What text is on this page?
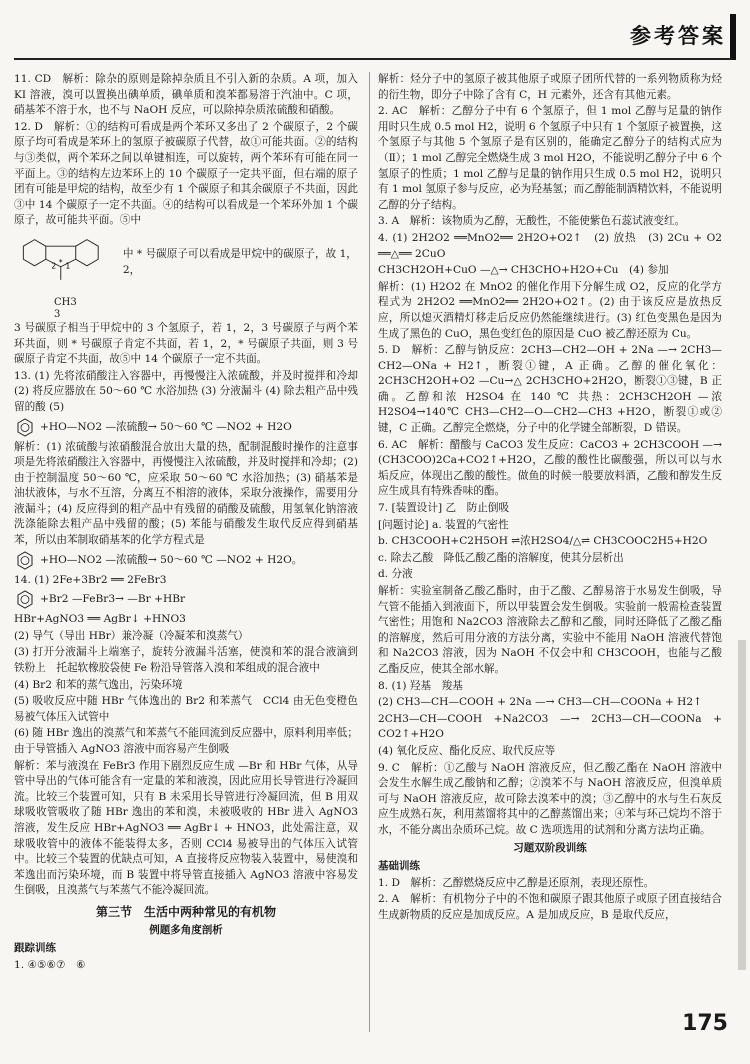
参考答案

11. CD　解析：除杂的原则是除掉杂质且不引入新的杂质。A 项，加入 KI 溶液，溴可以置换出碘单质，碘单质和溴苯都易溶于汽油中。C 项，硝基苯不溶于水，也不与 NaOH 反应，可以除掉杂质浓硫酸和硝酸。

12. D　解析：①的结构可看成是两个苯环又多出了 2 个碳原子，2 个碳原子均可看成是苯环上的氢原子被碳原子代替，故①可能共面。②的结构与③类似，两个苯环之间以单键相连，可以旋转，两个苯环有可能在同一平面上。③的结构左边苯环上的 10 个碳原子一定共平面，但右端的原子团有可能是甲烷的结构，故至少有 1 个碳原子和其余碳原子不共面，因此③中 14 个碳原子一定不共面。④的结构可以看成是一个苯环外加 1 个碳原子，故可能共平面。⑤中

2 * 1
中 * 号碳原子可以看成是甲烷中的碳原子，故 1，2，
CH3
3

3 号碳原子相当于甲烷中的 3 个氢原子，若 1，2，3 号碳原子与两个苯环共面，则 * 号碳原子肯定不共面，若 1，2，* 号碳原子共面，则 3 号碳原子肯定不共面，故⑤中 14 个碳原子一定不共面。

13. (1) 先将浓硝酸注入容器中，再慢慢注入浓硫酸，并及时搅拌和冷却 (2) 将反应器放在 50～60 ℃ 水浴加热 (3) 分液漏斗 (4) 除去粗产品中残留的酸 (5)

+HO—NO2 —浓硫酸→ 50～60 ℃ —NO2 + H2O

解析：(1) 浓硫酸与浓硝酸混合放出大量的热，配制混酸时操作的注意事项是先将浓硝酸注入容器中，再慢慢注入浓硫酸，并及时搅拌和冷却；(2) 由于控制温度 50～60 ℃，应采取 50～60 ℃ 水浴加热；(3) 硝基苯是油状液体，与水不互溶，分离互不相溶的液体，采取分液操作，需要用分液漏斗；(4) 反应得到的粗产品中有残留的硝酸及硫酸，用氢氧化钠溶液洗涤能除去粗产品中残留的酸；(5) 苯能与硝酸发生取代反应得到硝基苯，所以由苯制取硝基苯的化学方程式是

+HO—NO2 —浓硫酸→ 50～60 ℃ —NO2 + H2O。

14. (1) 2Fe+3Br2 ══ 2FeBr3

+Br2 —FeBr3→ —Br +HBr

HBr+AgNO3 ══ AgBr↓ +HNO3

(2) 导气（导出 HBr）兼冷凝（冷凝苯和溴蒸气）

(3) 打开分液漏斗上端塞子，旋转分液漏斗活塞，使溴和苯的混合液滴到铁粉上　托起软橡胶袋使 Fe 粉沿导管落入溴和苯组成的混合液中

(4) Br2 和苯的蒸气逸出，污染环境

(5) 吸收反应中随 HBr 气体逸出的 Br2 和苯蒸气　CCl4 由无色变橙色　易被气体压入试管中

(6) 随 HBr 逸出的溴蒸气和苯蒸气不能回流到反应器中，原料利用率低；由于导管插入 AgNO3 溶液中而容易产生倒吸

解析：苯与液溴在 FeBr3 作用下剧烈反应生成 —Br 和 HBr 气体，从导管中导出的气体可能含有一定量的苯和液溴，因此应用长导管进行冷凝回流。比较三个装置可知，只有 B 未采用长导管进行冷凝回流，但 B 用双球吸收管吸收了随 HBr 逸出的苯和溴，未被吸收的 HBr 进入 AgNO3 溶液，发生反应 HBr+AgNO3 ══ AgBr↓ + HNO3，此处需注意，双球吸收管中的液体不能装得太多，否则 CCl4 易被导出的气体压入试管中。比较三个装置的优缺点可知，A 直接将反应物装入装置中，易使溴和苯逸出而污染环境，而 B 装置中将导管直接插入 AgNO3 溶液中容易发生倒吸，且溴蒸气与苯蒸气不能冷凝回流。

第三节　生活中两种常见的有机物
例题多角度剖析
跟踪训练

1. ④⑤⑥⑦　⑥

解析：烃分子中的氢原子被其他原子或原子团所代替的一系列物质称为烃的衍生物，即分子中除了含有 C，H 元素外，还含有其他元素。

2. AC　解析：乙醇分子中有 6 个氢原子，但 1 mol 乙醇与足量的钠作用时只生成 0.5 mol H2，说明 6 个氢原子中只有 1 个氢原子被置换，这个氢原子与其他 5 个氢原子是有区别的，能确定乙醇分子的结构式应为（Ⅱ）；1 mol 乙醇完全燃烧生成 3 mol H2O，不能说明乙醇分子中 6 个氢原子的性质；1 mol 乙醇与足量的钠作用只生成 0.5 mol H2，说明只有 1 mol 氢原子参与反应，必为羟基氢；而乙醇能制酒精饮料，不能说明乙醇的分子结构。

3. A　解析：该物质为乙醇，无酸性，不能使紫色石蕊试液变红。

4. (1) 2H2O2 ══MnO2══ 2H2O+O2↑　(2) 放热　(3) 2Cu + O2 ══△══ 2CuO

CH3CH2OH+CuO —△→ CH3CHO+H2O+Cu　(4) 参加

解析：(1) H2O2 在 MnO2 的催化作用下分解生成 O2，反应的化学方程式为 2H2O2 ══MnO2══ 2H2O+O2↑。(2) 由于该反应是放热反应，所以熄灭酒精灯移走后反应仍然能继续进行。(3) 红色变黑色是因为生成了黑色的 CuO，黑色变红色的原因是 CuO 被乙醇还原为 Cu。

5. D　解析：乙醇与钠反应：2CH3—CH2—OH + 2Na —→ 2CH3—CH2—ONa + H2↑，断裂①键，A 正确。乙醇的催化氧化：2CH3CH2OH+O2 —Cu→△ 2CH3CHO+2H2O，断裂①③键，B 正确。乙醇和浓 H2SO4 在 140 ℃ 共热：2CH3CH2OH —浓H2SO4→140℃ CH3—CH2—O—CH2—CH3 +H2O，断裂①或②键，C 正确。乙醇完全燃烧，分子中的化学键全部断裂，D 错误。

6. AC　解析：醋酸与 CaCO3 发生反应：CaCO3 + 2CH3COOH —→ (CH3COO)2Ca+CO2↑+H2O，乙酸的酸性比碳酸强，所以可以与水垢反应，体现出乙酸的酸性。做鱼的时候一般要放料酒，乙酸和醇发生反应生成具有特殊香味的酯。

7. [装置设计] 乙　防止倒吸

[问题讨论] a. 装置的气密性

b. CH3COOH+C2H5OH ⇌浓H2SO4/△⇌ CH3COOC2H5+H2O

c. 除去乙酸　降低乙酸乙酯的溶解度，使其分层析出

d. 分液

解析：实验室制备乙酸乙酯时，由于乙酸、乙醇易溶于水易发生倒吸，导气管不能插入到液面下，所以甲装置会发生倒吸。实验前一般需检查装置气密性；用饱和 Na2CO3 溶液除去乙醇和乙酸，同时还降低了乙酸乙酯的溶解度，然后可用分液的方法分离，实验中不能用 NaOH 溶液代替饱和 Na2CO3 溶液，因为 NaOH 不仅会中和 CH3COOH，也能与乙酸乙酯反应，使其全部水解。

8. (1) 羟基　羧基

(2) CH3—CH—COOH + 2Na —→ CH3—CH—COONa + H2↑

2CH3—CH—COOH +Na2CO3 —→ 2CH3—CH—COONa + CO2↑+H2O

(4) 氧化反应、酯化反应、取代反应等

9. C　解析：①乙酸与 NaOH 溶液反应，但乙酸乙酯在 NaOH 溶液中会发生水解生成乙酸钠和乙醇；②溴苯不与 NaOH 溶液反应，但溴单质可与 NaOH 溶液反应，故可除去溴苯中的溴；③乙醇中的水与生石灰反应生成熟石灰，利用蒸馏将其中的乙醇蒸馏出来；④苯与环己烷均不溶于水，不能分离出杂质环己烷。故 C 选项选用的试剂和分离方法均正确。

习题双阶段训练
基础训练

1. D　解析：乙醇燃烧反应中乙醇是还原剂，表现还原性。

2. A　解析：有机物分子中的不饱和碳原子跟其他原子或原子团直接结合生成新物质的反应是加成反应。A 是加成反应，B 是取代反应，

175
